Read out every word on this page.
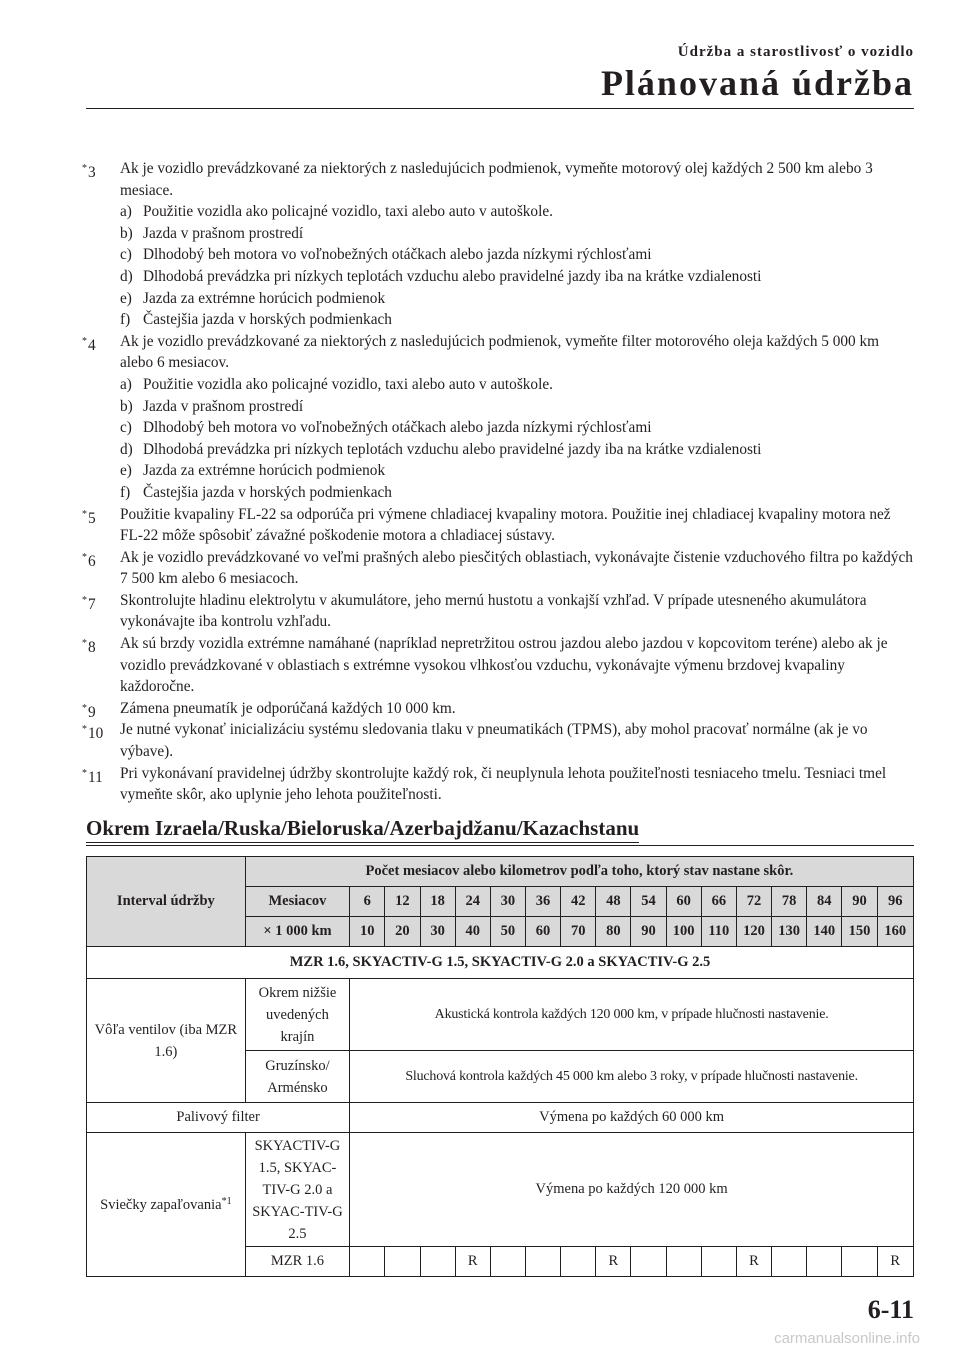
Údržba a starostlivosť o vozidlo
Plánovaná údržba
*3 Ak je vozidlo prevádzkované za niektorých z nasledujúcich podmienok, vymeňte motorový olej každých 2 500 km alebo 3 mesiace.
a) Použitie vozidla ako policajné vozidlo, taxi alebo auto v autoškole.
b) Jazda v prašnom prostredí
c) Dlhodobý beh motora vo voľnobežných otáčkach alebo jazda nízkymi rýchlosťami
d) Dlhodobá prevádzka pri nízkych teplotách vzduchu alebo pravidelné jazdy iba na krátke vzdialenosti
e) Jazda za extrémne horúcich podmienok
f) Častejšia jazda v horských podmienkach
*4 Ak je vozidlo prevádzkované za niektorých z nasledujúcich podmienok, vymeňte filter motorového oleja každých 5 000 km alebo 6 mesiacov.
a) Použitie vozidla ako policajné vozidlo, taxi alebo auto v autoškole.
b) Jazda v prašnom prostredí
c) Dlhodobý beh motora vo voľnobežných otáčkach alebo jazda nízkymi rýchlosťami
d) Dlhodobá prevádzka pri nízkych teplotách vzduchu alebo pravidelné jazdy iba na krátke vzdialenosti
e) Jazda za extrémne horúcich podmienok
f) Častejšia jazda v horských podmienkach
*5 Použitie kvapaliny FL-22 sa odporúča pri výmene chladiacej kvapaliny motora. Použitie inej chladiacej kvapaliny motora než FL-22 môže spôsobiť závažné poškodenie motora a chladiacej sústavy.
*6 Ak je vozidlo prevádzkované vo veľmi prašných alebo piesčitých oblastiach, vykonávajte čistenie vzduchového filtra po každých 7 500 km alebo 6 mesiacoch.
*7 Skontrolujte hladinu elektrolytu v akumulátore, jeho mernú hustotu a vonkajší vzhľad. V prípade utesneného akumulátora vykonávajte iba kontrolu vzhľadu.
*8 Ak sú brzdy vozidla extrémne namáhané (napríklad nepretržitou ostrou jazdou alebo jazdou v kopcovitom teréne) alebo ak je vozidlo prevádzkované v oblastiach s extrémne vysokou vlhkosťou vzduchu, vykonávajte výmenu brzdovej kvapaliny každoročne.
*9 Zámena pneumatík je odporúčaná každých 10 000 km.
*10 Je nutné vykonať inicializáciu systému sledovania tlaku v pneumatikách (TPMS), aby mohol pracovať normálne (ak je vo výbave).
*11 Pri vykonávaní pravidelnej údržby skontrolujte každý rok, či neuplynula lehota použiteľnosti tesniaceho tmelu. Tesniaci tmel vymeňte skôr, ako uplynie jeho lehota použiteľnosti.
Okrem Izraela/Ruska/Bieloruska/Azerbajdžanu/Kazachstanu
Interval údržby	Počet mesiacov alebo kilometrov podľa toho, ktorý stav nastane skôr.																
	Mesiacov	6	12	18	24	30	36	42	48	54	60	66	72	78	84	90	96
	× 1 000 km	10	20	30	40	50	60	70	80	90	100	110	120	130	140	150	160
MZR 1.6, SKYACTIV-G 1.5, SKYACTIV-G 2.0 a SKYACTIV-G 2.5																	
Vôľa ventilov (iba MZR 1.6)	Okrem nižšie uvedených krajín	Akustická kontrola každých 120 000 km, v prípade hlučnosti nastavenie.															
	Gruzínsko/ Arménsko	Sluchová kontrola každých 45 000 km alebo 3 roky, v prípade hlučnosti nastavenie.															
Palivový filter		Výmena po každých 60 000 km															
Sviečky zapaľovania$^{*1}$	SKYACTIV-G 1.5, SKYAC-TIV-G 2.0 a SKYAC-TIV-G 2.5	Výmena po každých 120 000 km															
	MZR 1.6				R				R				R				R
6-11
carmanualsonline.info
